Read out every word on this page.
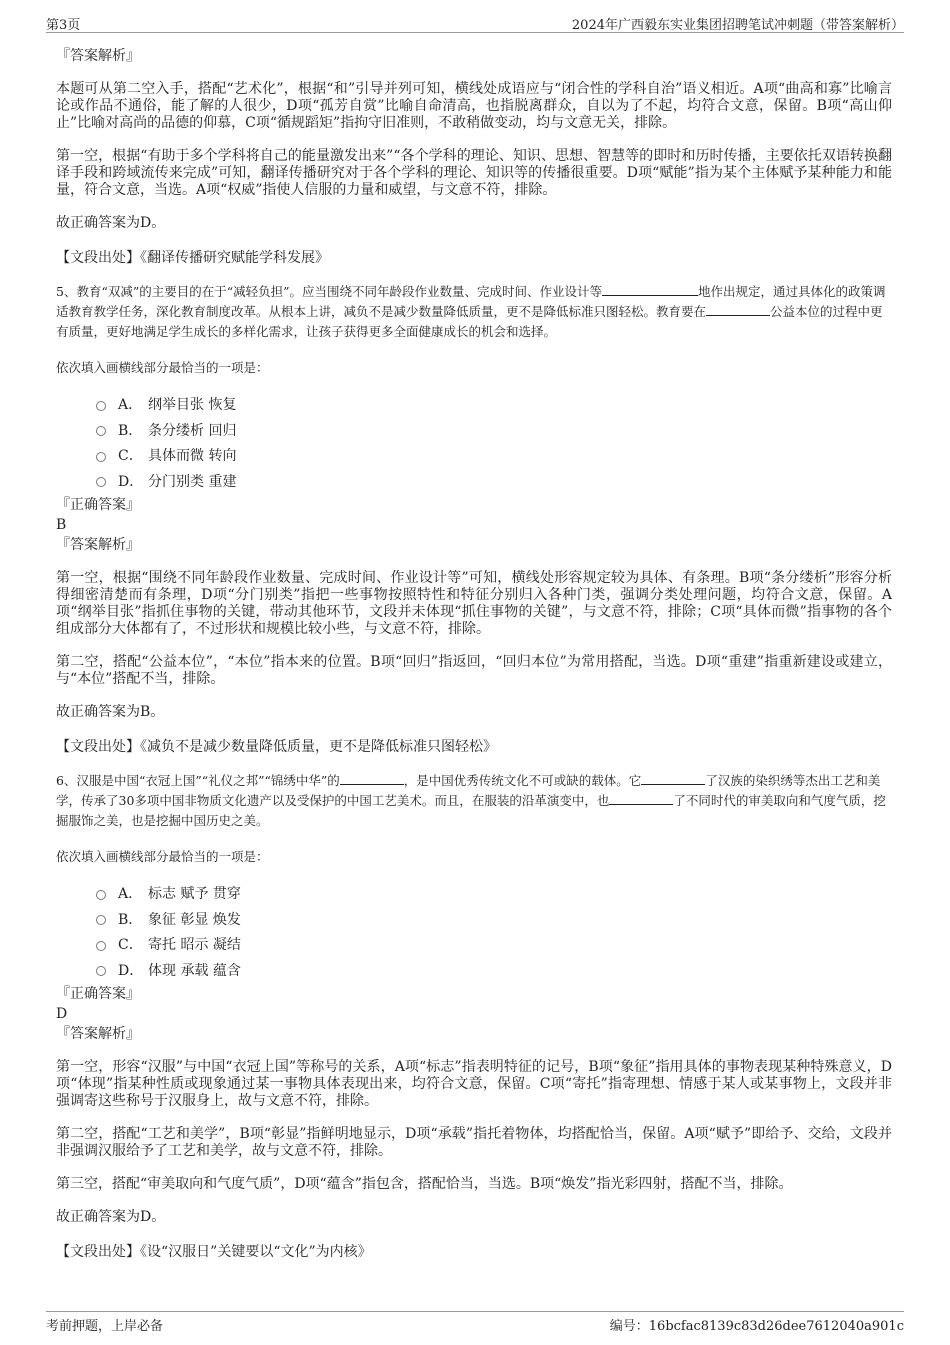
第3页	2024年广西毅东实业集团招聘笔试冲刺题（带答案解析）
『答案解析』

本题可从第二空入手，搭配“艺术化”，根据“和”引导并列可知，横线处成语应与“闭合性的学科自治”语义相近。A项“曲高和寡”比喻言论或作品不通俗，能了解的人很少，D项“孤芳自赏”比喻自命清高，也指脱离群众，自以为了不起，均符合文意，保留。B项“高山仰止”比喻对高尚的品德的仰慕，C项“循规蹈矩”指拘守旧准则，不敢稍做变动，均与文意无关，排除。

第一空，根据“有助于多个学科将自己的能量激发出来”“各个学科的理论、知识、思想、智慧等的即时和历时传播，主要依托双语转换翻译手段和跨域流传来完成”可知，翻译传播研究对于各个学科的理论、知识等的传播很重要。D项“赋能”指为某个主体赋予某种能力和能量，符合文意，当选。A项“权威”指使人信服的力量和威望，与文意不符，排除。

故正确答案为D。

【文段出处】《翻译传播研究赋能学科发展》
5、教育“双减”的主要目的在于“减轻负担”。应当围绕不同年龄段作业数量、完成时间、作业设计等	地作出规定，通过具体化的政策调适教育教学任务，深化教育制度改革。从根本上讲，减负不是减少数量降低质量，更不是降低标准只图轻松。教育要在	公益本位的过程中更有质量，更好地满足学生成长的多样化需求，让孩子获得更多全面健康成长的机会和选择。
依次填入画横线部分最恰当的一项是：
A． 纲举目张 恢复
B． 条分缕析 回归
C． 具体而微 转向
D． 分门别类 重建
『正确答案』
B
『答案解析』

第一空，根据“围绕不同年龄段作业数量、完成时间、作业设计等”可知，横线处形容规定较为具体、有条理。B项“条分缕析”形容分析得细密清楚而有条理，D项“分门别类”指把一些事物按照特性和特征分别归入各种门类，强调分类处理问题，均符合文意，保留。A项“纲举目张”指抓住事物的关键，带动其他环节，文段并未体现“抓住事物的关键”，与文意不符，排除；C项“具体而微”指事物的各个组成部分大体都有了，不过形状和规模比较小些，与文意不符，排除。

第二空，搭配“公益本位”，“本位”指本来的位置。B项“回归”指返回，“回归本位”为常用搭配，当选。D项“重建”指重新建设或建立，与“本位”搭配不当，排除。

故正确答案为B。

【文段出处】《减负不是减少数量降低质量，更不是降低标准只图轻松》
6、汉服是中国“衣冠上国”“礼仪之邦”“锦绣中华”的	，是中国优秀传统文化不可或缺的载体。它	了汉族的染织绣等杰出工艺和美学，传承了30多项中国非物质文化遗产以及受保护的中国工艺美术。而且，在服装的沿革演变中，也	了不同时代的审美取向和气度气质，挖掘服饰之美，也是挖掘中国历史之美。
依次填入画横线部分最恰当的一项是：
A． 标志 赋予 贯穿
B． 象征 彰显 焕发
C． 寄托 昭示 凝结
D． 体现 承载 蕴含
『正确答案』
D
『答案解析』

第一空，形容“汉服”与中国“衣冠上国”等称号的关系，A项“标志”指表明特征的记号，B项“象征”指用具体的事物表现某种特殊意义，D项“体现”指某种性质或现象通过某一事物具体表现出来，均符合文意，保留。C项“寄托”指寄理想、情感于某人或某事物上，文段并非强调寄这些称号于汉服身上，故与文意不符，排除。

第二空，搭配“工艺和美学”，B项“彰显”指鲜明地显示，D项“承载”指托着物体，均搭配恰当，保留。A项“赋予”即给予、交给，文段并非强调汉服给予了工艺和美学，故与文意不符，排除。

第三空，搭配“审美取向和气度气质”，D项“蕴含”指包含，搭配恰当，当选。B项“焕发”指光彩四射，搭配不当，排除。

故正确答案为D。

【文段出处】《设“汉服日”关键要以“文化”为内核》
考前押题，上岸必备	编号：16bcfac8139c83d26dee7612040a901c
